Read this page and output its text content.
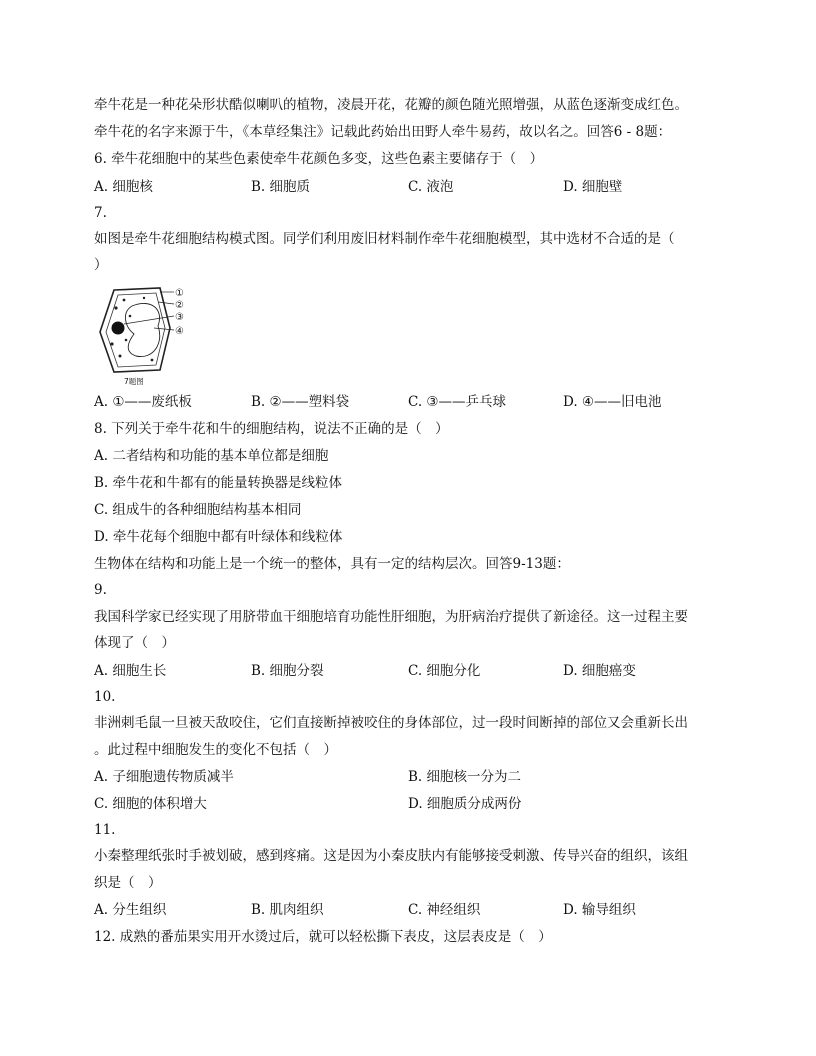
牵牛花是一种花朵形状酷似喇叭的植物，凌晨开花，花瓣的颜色随光照增强，从蓝色逐渐变成红色。
牵牛花的名字来源于牛，《本草经集注》记载此药始出田野人牵牛易药，故以名之。回答6 - 8题：
6. 牵牛花细胞中的某些色素使牵牛花颜色多变，这些色素主要储存于（　）
A. 细胞核	B. 细胞质	C. 液泡	D. 细胞壁
7.
如图是牵牛花细胞结构模式图。同学们利用废旧材料制作牵牛花细胞模型，其中选材不合适的是（
）
①
②
③
④
7题图
A. ①——废纸板	B. ②——塑料袋	C. ③——乒乓球	D. ④——旧电池
8. 下列关于牵牛花和牛的细胞结构，说法不正确的是（　）
A. 二者结构和功能的基本单位都是细胞
B. 牵牛花和牛都有的能量转换器是线粒体
C. 组成牛的各种细胞结构基本相同
D. 牵牛花每个细胞中都有叶绿体和线粒体
生物体在结构和功能上是一个统一的整体，具有一定的结构层次。回答9-13题：
9.
我国科学家已经实现了用脐带血干细胞培育功能性肝细胞，为肝病治疗提供了新途径。这一过程主要
体现了（　）
A. 细胞生长	B. 细胞分裂	C. 细胞分化	D. 细胞癌变
10.
非洲刺毛鼠一旦被天敌咬住，它们直接断掉被咬住的身体部位，过一段时间断掉的部位又会重新长出
。此过程中细胞发生的变化不包括（　）
A. 子细胞遗传物质减半	B. 细胞核一分为二
C. 细胞的体积增大	D. 细胞质分成两份
11.
小秦整理纸张时手被划破，感到疼痛。这是因为小秦皮肤内有能够接受刺激、传导兴奋的组织，该组
织是（　）
A. 分生组织	B. 肌肉组织	C. 神经组织	D. 输导组织
12. 成熟的番茄果实用开水烫过后，就可以轻松撕下表皮，这层表皮是（　）
